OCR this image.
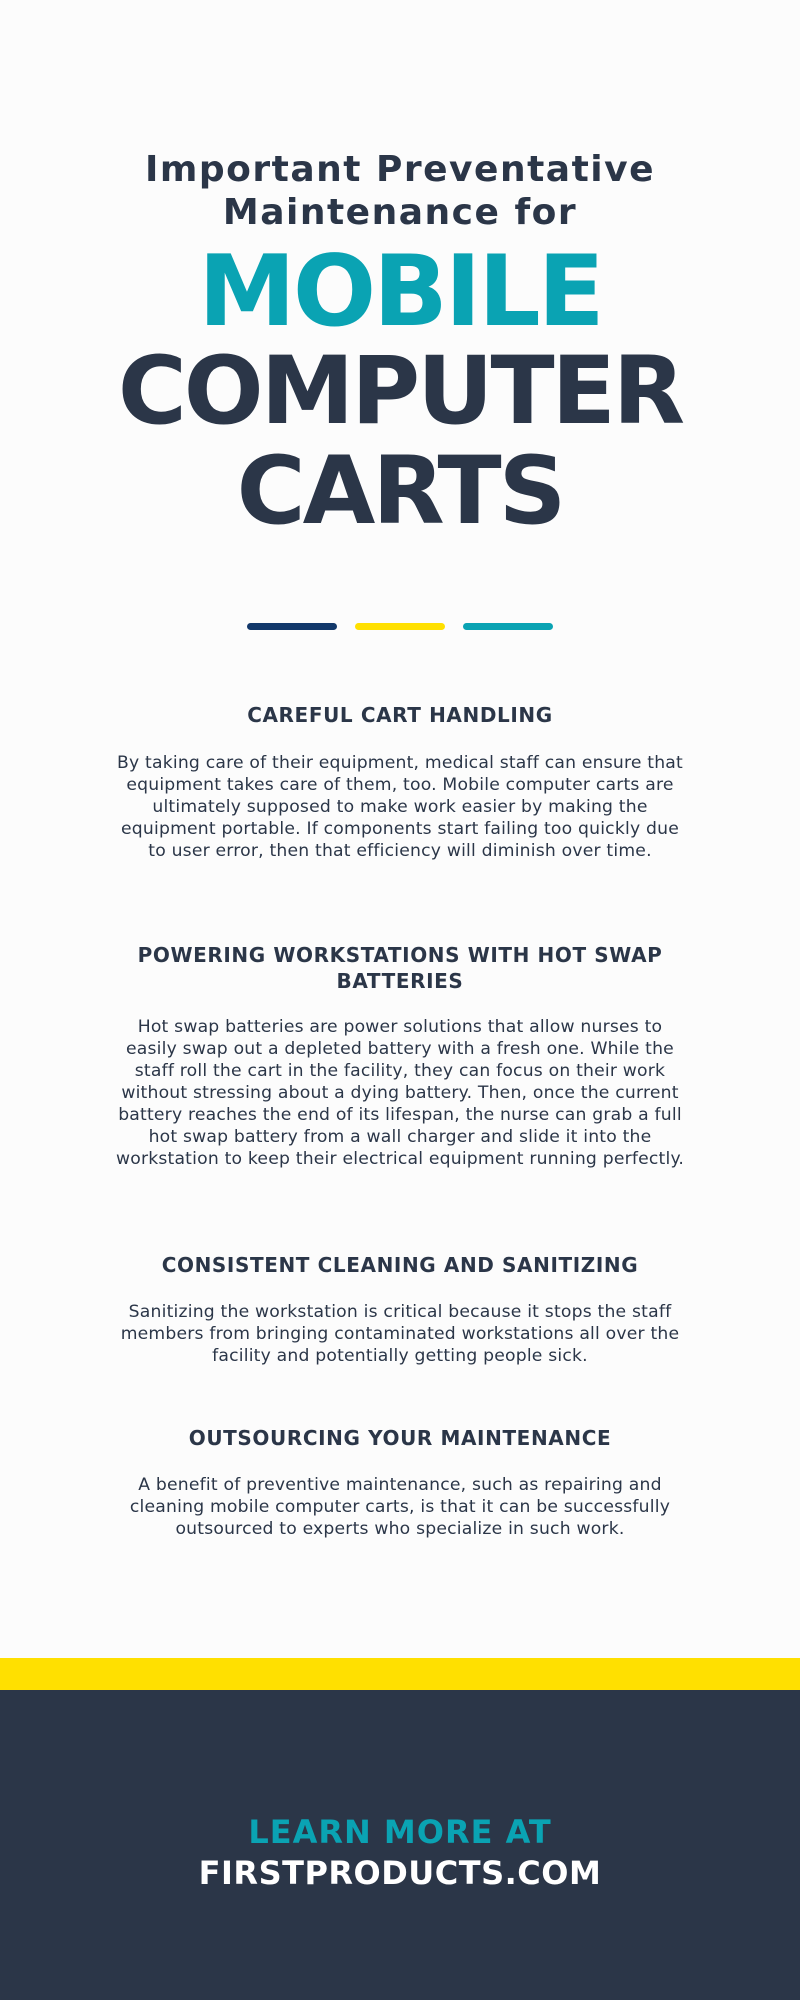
Important Preventative
Maintenance for
MOBILE
COMPUTER
CARTS
CAREFUL CART HANDLING

By taking care of their equipment, medical staff can ensure that equipment takes care of them, too. Mobile computer carts are ultimately supposed to make work easier by making the equipment portable. If components start failing too quickly due to user error, then that efficiency will diminish over time.

POWERING WORKSTATIONS WITH HOT SWAP BATTERIES

Hot swap batteries are power solutions that allow nurses to easily swap out a depleted battery with a fresh one. While the staff roll the cart in the facility, they can focus on their work without stressing about a dying battery. Then, once the current battery reaches the end of its lifespan, the nurse can grab a full hot swap battery from a wall charger and slide it into the workstation to keep their electrical equipment running perfectly.

CONSISTENT CLEANING AND SANITIZING

Sanitizing the workstation is critical because it stops the staff members from bringing contaminated workstations all over the facility and potentially getting people sick.

OUTSOURCING YOUR MAINTENANCE

A benefit of preventive maintenance, such as repairing and cleaning mobile computer carts, is that it can be successfully outsourced to experts who specialize in such work.

LEARN MORE AT
FIRSTPRODUCTS.COM
